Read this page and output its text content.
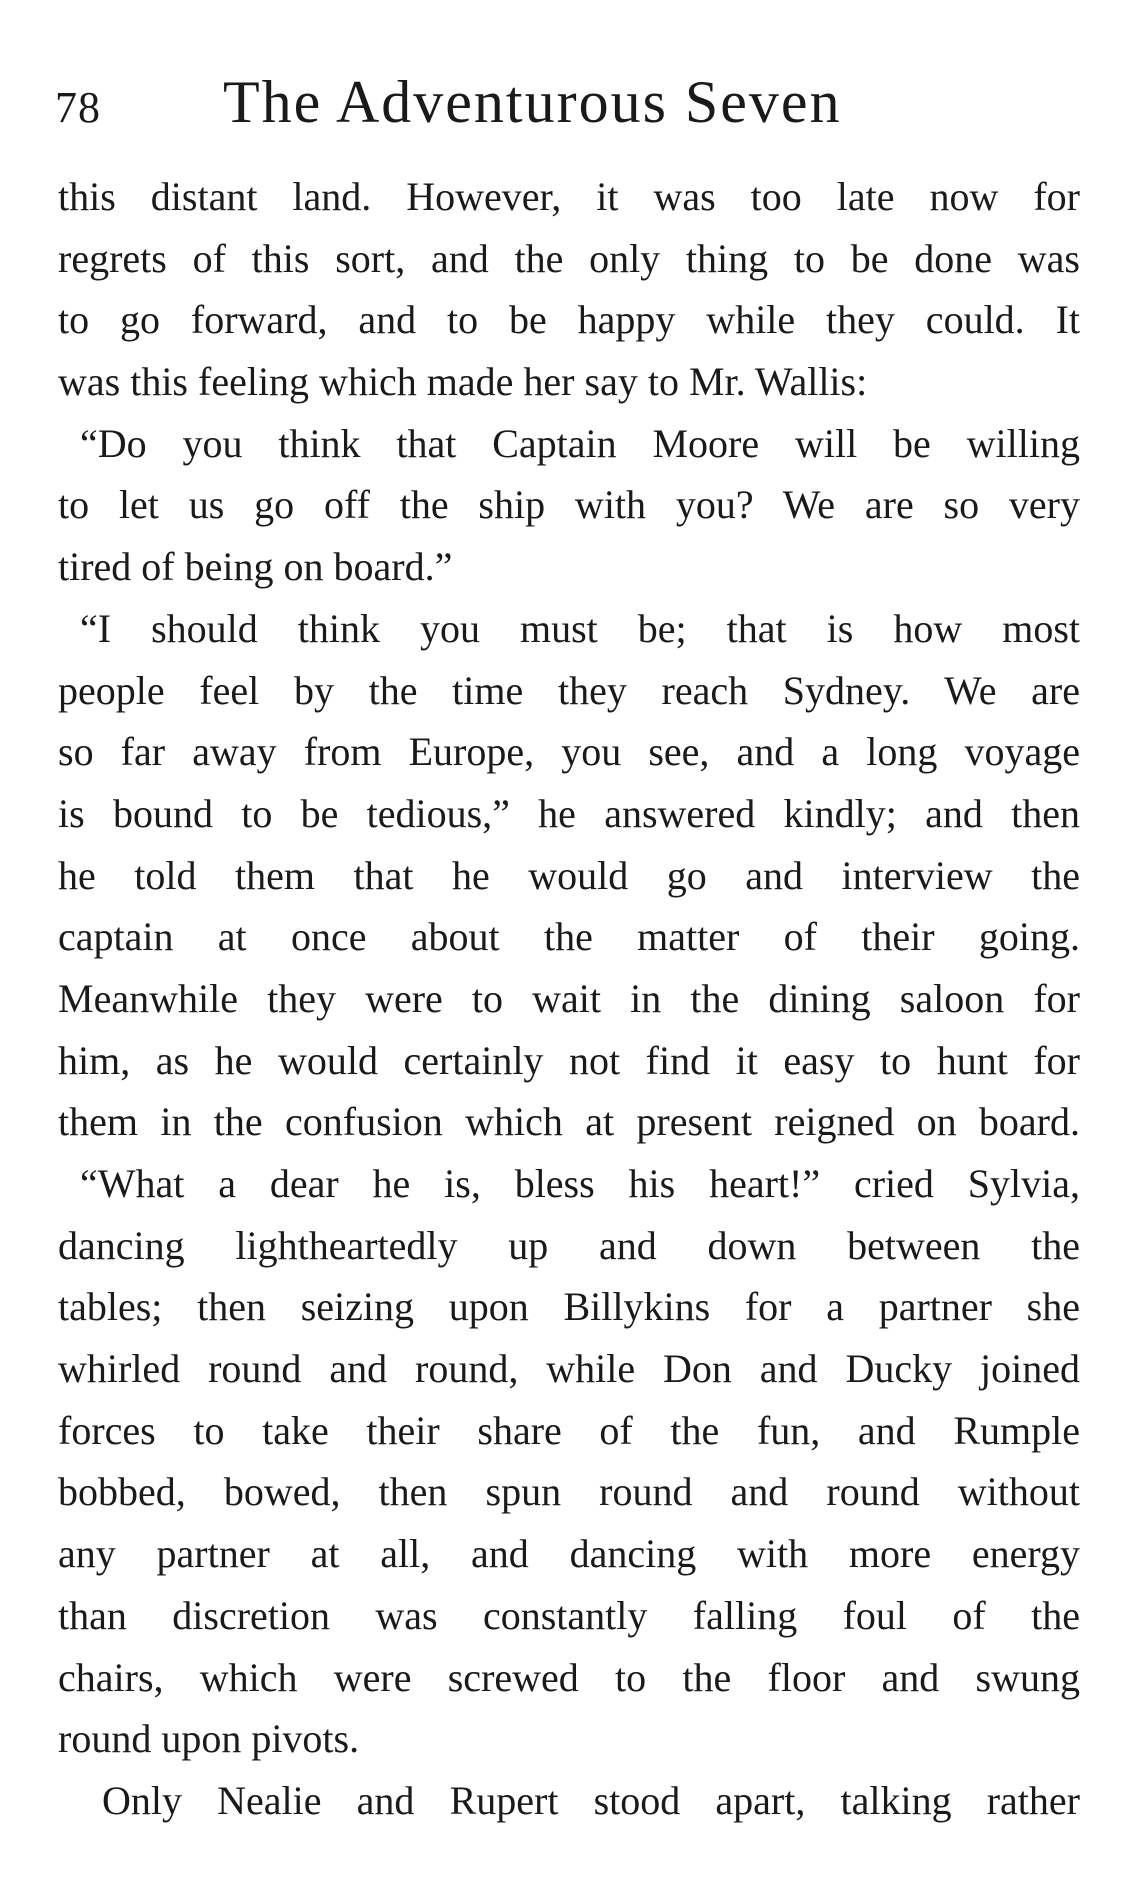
78 The Adventurous Seven
this distant land. However, it was too late now for
regrets of this sort, and the only thing to be done was
to go forward, and to be happy while they could. It
was this feeling which made her say to Mr. Wallis:
“Do you think that Captain Moore will be willing
to let us go off the ship with you? We are so very
tired of being on board.”
“I should think you must be; that is how most
people feel by the time they reach Sydney. We are
so far away from Europe, you see, and a long voyage
is bound to be tedious,” he answered kindly; and then
he told them that he would go and interview the
captain at once about the matter of their going.
Meanwhile they were to wait in the dining saloon for
him, as he would certainly not find it easy to hunt for
them in the confusion which at present reigned on board.
“What a dear he is, bless his heart!” cried Sylvia,
dancing lightheartedly up and down between the
tables; then seizing upon Billykins for a partner she
whirled round and round, while Don and Ducky joined
forces to take their share of the fun, and Rumple
bobbed, bowed, then spun round and round without
any partner at all, and dancing with more energy
than discretion was constantly falling foul of the
chairs, which were screwed to the floor and swung
round upon pivots.
Only Nealie and Rupert stood apart, talking rather
